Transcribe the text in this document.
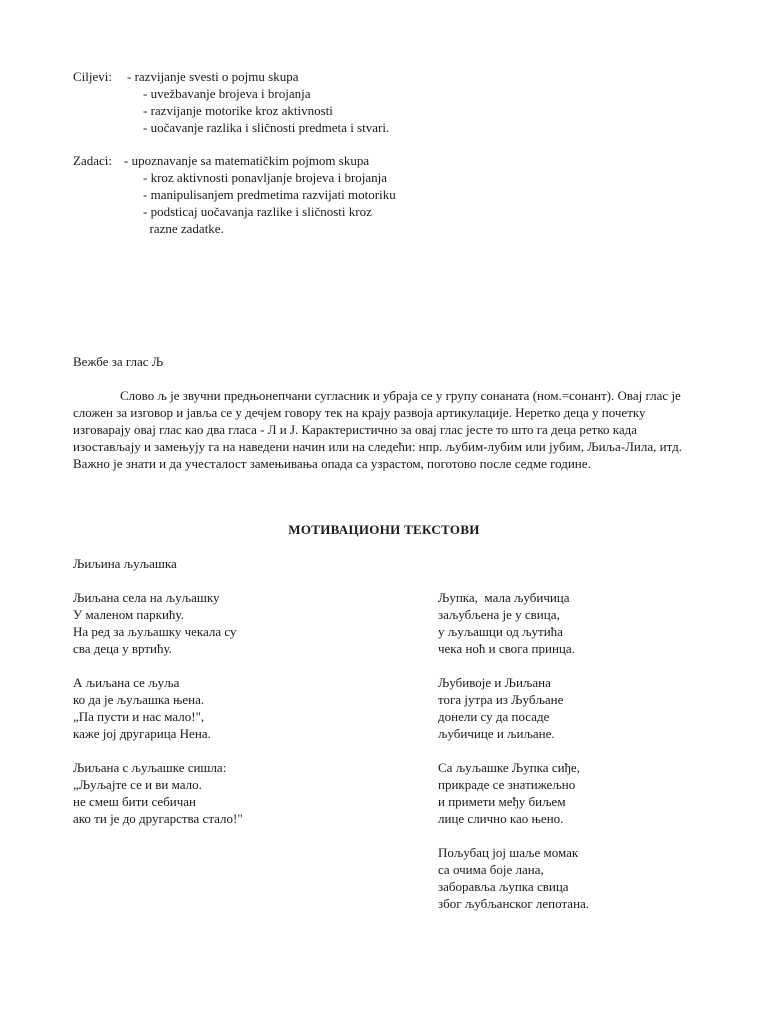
Ciljevi: - razvijanje svesti o pojmu skupa
- uvežbavanje brojeva i brojanja
- razvijanje motorike kroz aktivnosti
- uočavanje razlika i sličnosti predmeta i stvari.
Zadaci: - upoznavanje sa matematičkim pojmom skupa
- kroz aktivnosti ponavljanje brojeva i brojanja
- manipulisanjem predmetima razvijati motoriku
- podsticaj uočavanja razlike i sličnosti kroz
razne zadatke.
Вежбе за глас Љ

Слово љ је звучни предњонепчани сугласник и убраја се у групу сонаната (ном.=сонант). Овај глас је сложен за изговор и јавља се у дечјем говору тек на крају развоја артикулације. Неретко деца у почетку изговарају овај глас као два гласа - Л и Ј. Карактеристично за овај глас јесте то што га деца ретко када изостављају и замењују га на наведени начин или на следећи: нпр. љубим-лубим или јубим, Љиља-Лила, итд. Важно је знати и да учесталост замењивања опада са узрастом, поготово после седме године.

МОТИВАЦИОНИ ТЕКСТОВИ
Љиљина љуљашка
Љиљана села на љуљашку
У маленом паркићу.
На ред за љуљашку чекала су
сва деца у вртићу.
А љиљана се љуља
ко да је љуљашка њена.
„Па пусти и нас мало!",
каже јој другарица Нена.
Љиљана с љуљашке сишла:
„Љуљајте се и ви мало.
не смеш бити себичан
ако ти је до другарства стало!"
Љупка,  мала љубичица
заљубљена је у свица,
у љуљашци од љутића
чека ноћ и свога принца.
Љубивоје и Љиљана
тога јутра из Љубљане
донели су да посаде
љубичице и љиљане.
Са љуљашке Љупка сиђе,
прикраде се знатижељно
и примети међу биљем
лице слично као њено.
Пољубац јој шаље момак
са очима боје лана,
заборавља љупка свица
због љубљанског лепотана.
